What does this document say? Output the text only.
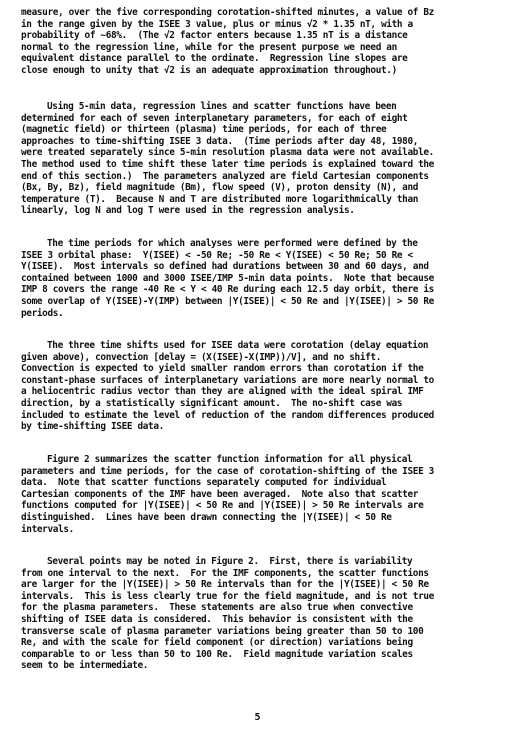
measure, over the five corresponding corotation-shifted minutes, a value of Bz
in the range given by the ISEE 3 value, plus or minus √2 * 1.35 nT, with a
probability of ~68%.  (The √2 factor enters because 1.35 nT is a distance
normal to the regression line, while for the present purpose we need an
equivalent distance parallel to the ordinate.  Regression line slopes are
close enough to unity that √2 is an adequate approximation throughout.)
Using 5-min data, regression lines and scatter functions have been
determined for each of seven interplanetary parameters, for each of eight
(magnetic field) or thirteen (plasma) time periods, for each of three
approaches to time-shifting ISEE 3 data.  (Time periods after day 48, 1980,
were treated separately since 5-min resolution plasma data were not available.
The method used to time shift these later time periods is explained toward the
end of this section.)  The parameters analyzed are field Cartesian components
(Bx, By, Bz), field magnitude (Bm), flow speed (V), proton density (N), and
temperature (T).  Because N and T are distributed more logarithmically than
linearly, log N and log T were used in the regression analysis.
The time periods for which analyses were performed were defined by the
ISEE 3 orbital phase:  Y(ISEE) < -50 Re; -50 Re < Y(ISEE) < 50 Re; 50 Re <
Y(ISEE).  Most intervals so defined had durations between 30 and 60 days, and
contained between 1000 and 3000 ISEE/IMP 5-min data points.  Note that because
IMP 8 covers the range -40 Re < Y < 40 Re during each 12.5 day orbit, there is
some overlap of Y(ISEE)-Y(IMP) between |Y(ISEE)| < 50 Re and |Y(ISEE)| > 50 Re
periods.
The three time shifts used for ISEE data were corotation (delay equation
given above), convection [delay = (X(ISEE)-X(IMP))/V], and no shift.
Convection is expected to yield smaller random errors than corotation if the
constant-phase surfaces of interplanetary variations are more nearly normal to
a heliocentric radius vector than they are aligned with the ideal spiral IMF
direction, by a statistically significant amount.  The no-shift case was
included to estimate the level of reduction of the random differences produced
by time-shifting ISEE data.
Figure 2 summarizes the scatter function information for all physical
parameters and time periods, for the case of corotation-shifting of the ISEE 3
data.  Note that scatter functions separately computed for individual
Cartesian components of the IMF have been averaged.  Note also that scatter
functions computed for |Y(ISEE)| < 50 Re and |Y(ISEE)| > 50 Re intervals are
distinguished.  Lines have been drawn connecting the |Y(ISEE)| < 50 Re
intervals.
Several points may be noted in Figure 2.  First, there is variability
from one interval to the next.  For the IMF components, the scatter functions
are larger for the |Y(ISEE)| > 50 Re intervals than for the |Y(ISEE)| < 50 Re
intervals.  This is less clearly true for the field magnitude, and is not true
for the plasma parameters.  These statements are also true when convective
shifting of ISEE data is considered.  This behavior is consistent with the
transverse scale of plasma parameter variations being greater than 50 to 100
Re, and with the scale for field component (or direction) variations being
comparable to or less than 50 to 100 Re.  Field magnitude variation scales
seem to be intermediate.
5
